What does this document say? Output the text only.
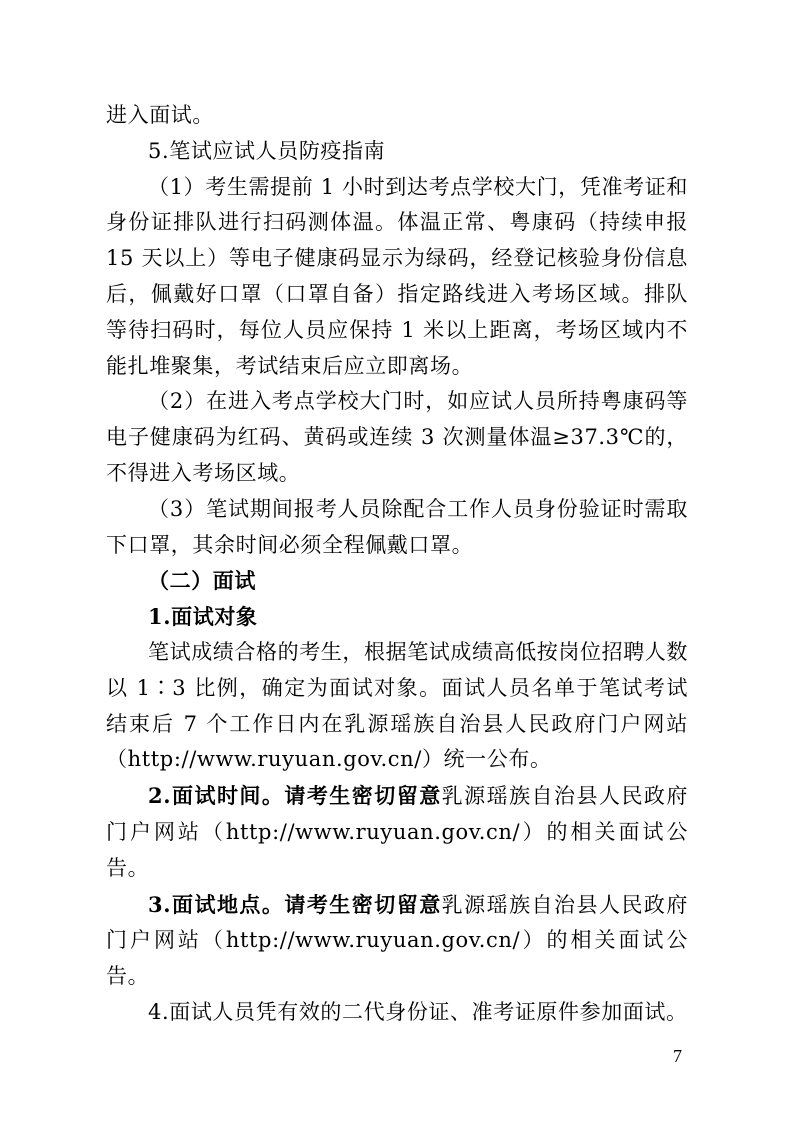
进入面试。

5.笔试应试人员防疫指南

（1）考生需提前 1 小时到达考点学校大门，凭准考证和身份证排队进行扫码测体温。体温正常、粤康码（持续申报 15 天以上）等电子健康码显示为绿码，经登记核验身份信息后，佩戴好口罩（口罩自备）指定路线进入考场区域。排队等待扫码时，每位人员应保持 1 米以上距离，考场区域内不能扎堆聚集，考试结束后应立即离场。

（2）在进入考点学校大门时，如应试人员所持粤康码等电子健康码为红码、黄码或连续 3 次测量体温≥37.3℃的，不得进入考场区域。

（3）笔试期间报考人员除配合工作人员身份验证时需取下口罩，其余时间必须全程佩戴口罩。

（二）面试

1.面试对象

笔试成绩合格的考生，根据笔试成绩高低按岗位招聘人数以 1∶3 比例，确定为面试对象。面试人员名单于笔试考试结束后 7 个工作日内在乳源瑶族自治县人民政府门户网站（http://www.ruyuan.gov.cn/）统一公布。

2.面试时间。请考生密切留意乳源瑶族自治县人民政府门户网站（http://www.ruyuan.gov.cn/）的相关面试公告。

3.面试地点。请考生密切留意乳源瑶族自治县人民政府门户网站（http://www.ruyuan.gov.cn/）的相关面试公告。

4.面试人员凭有效的二代身份证、准考证原件参加面试。

7
